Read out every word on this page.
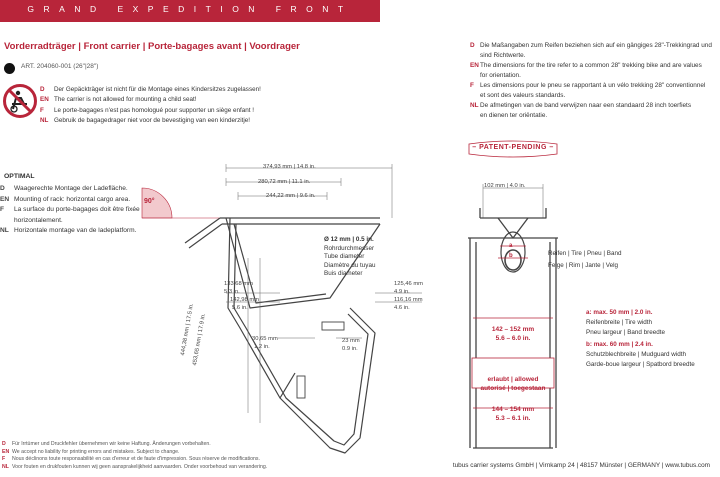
GRAND EXPEDITION FRONT
Vorderradträger | Front carrier | Porte-bagages avant | Voordrager
ART. 204060-001 (26"|28")
D Der Gepäckträger ist nicht für die Montage eines Kindersitzes zugelassen!
EN The carrier is not allowed for mounting a child seat!
F Le porte-bagages n'est pas homologué pour supporter un siège enfant !
NL Gebruik de bagagedrager niet voor de bevestiging van een kinderzitje!
OPTIMAL
D Waagerechte Montage der Ladefläche.
EN Mounting of rack: horizontal cargo area.
F La surface du porte-bagages doit être fixée
horizontalement.
NL Horizontale montage van de ladeplatform.
D Die Maßangaben zum Reifen beziehen sich auf ein gängiges 28"-Trekkingrad und
sind Richtwerte.
ENThe dimensions for the tire refer to a common 28" trekking bike and are values
for orientation.
F Les dimensions pour le pneu se rapportant à un vélo trekking 28" conventionnel
et sont des valeurs standards.
NLDe afmetingen van de band verwijzen naar een standaard 28 inch toerfiets
en dienen ter oriëntatie.
– PATENT-PENDING –
374,93 mm | 14.8 in.
280,72 mm | 11.1 in.
244,22 mm | 9.6 in.
90°
Ø 12 mm | 0.5 in.
Rohrdurchmesser
Tube diameter
Diamètre du tuyau
Buis diameter
133,68 mm
5.3 in.
142,98 mm
5.6 in.
125,46 mm
4.9 in.
116,16 mm
4.6 in.
30,65 mm
1.2 in.
23 mm
0.9 in.
444,38 mm | 17.5 in.
453,65 mm | 17.9 in.
102 mm | 4.0 in.
a
b	Reifen | Tire | Pneu | Band
Felge | Rim | Jante | Velg
142 – 152 mm
5.6 – 6.0 in.
erlaubt | allowed
autorisé | toegestaan
144 – 154 mm
5.3 – 6.1 in.
a: max. 50 mm | 2.0 in.
Reifenbreite | Tire width
Pneu largeur | Band breedte
b: max. 60 mm | 2.4 in.
Schutzblechbreite | Mudguard width
Garde-boue largeur | Spatbord breedte
D Für Irrtümer und Druckfehler übernehmen wir keine Haftung. Änderungen vorbehalten.
EN We accept no liability for printing errors and mistakes. Subject to change.
F Nous déclinons toute responsabilité en cas d'erreur et de faute d'impression. Sous réserve de modifications.
NL Voor fouten en drukfouten kunnen wij geen aansprakelijkheid aanvaarden. Onder voorbehoud van verandering.	tubus carrier systems GmbH | Virnkamp 24 | 48157 Münster | GERMANY | www.tubus.com
